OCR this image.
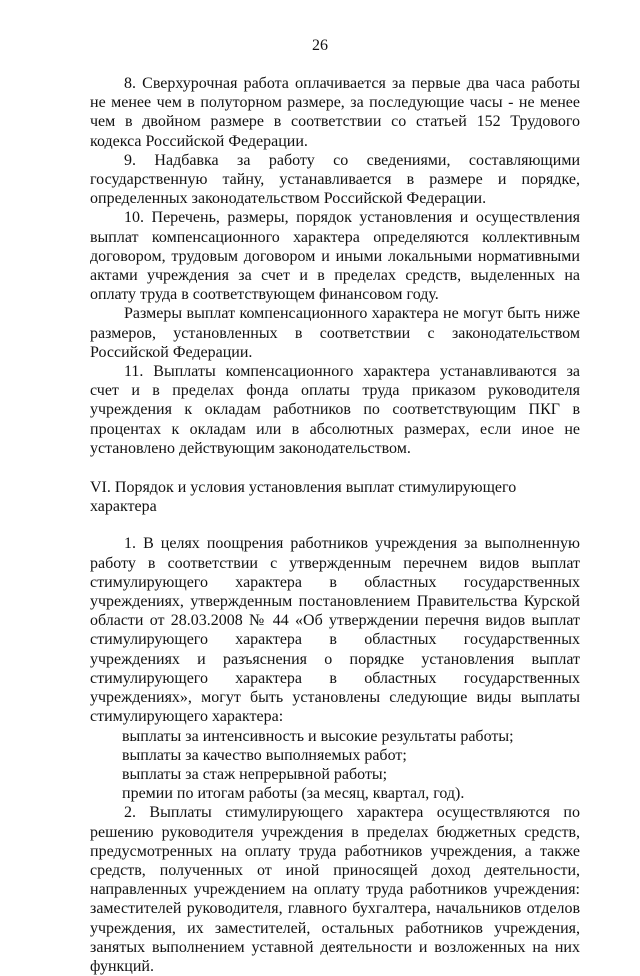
26

8. Сверхурочная работа оплачивается за первые два часа работы не менее чем в полуторном размере, за последующие часы - не менее чем в двойном размере в соответствии со статьей 152 Трудового кодекса Российской Федерации.

9. Надбавка за работу со сведениями, составляющими государственную тайну, устанавливается в размере и порядке, определенных законодательством Российской Федерации.

10. Перечень, размеры, порядок установления и осуществления выплат компенсационного характера определяются коллективным договором, трудовым договором и иными локальными нормативными актами учреждения за счет и в пределах средств, выделенных на оплату труда в соответствующем финансовом году.

Размеры выплат компенсационного характера не могут быть ниже размеров, установленных в соответствии с законодательством Российской Федерации.

11. Выплаты компенсационного характера устанавливаются за счет и в пределах фонда оплаты труда приказом руководителя учреждения к окладам работников по соответствующим ПКГ в процентах к окладам или в абсолютных размерах, если иное не установлено действующим законодательством.

VI. Порядок и условия установления выплат стимулирующего характера

1. В целях поощрения работников учреждения за выполненную работу в соответствии с утвержденным перечнем видов выплат стимулирующего характера в областных государственных учреждениях, утвержденным постановлением Правительства Курской области от 28.03.2008 № 44 «Об утверждении перечня видов выплат стимулирующего характера в областных государственных учреждениях и разъяснения о порядке установления выплат стимулирующего характера в областных государственных учреждениях», могут быть установлены следующие виды выплаты стимулирующего характера:

выплаты за интенсивность и высокие результаты работы;

выплаты за качество выполняемых работ;

выплаты за стаж непрерывной работы;

премии по итогам работы (за месяц, квартал, год).

2. Выплаты стимулирующего характера осуществляются по решению руководителя учреждения в пределах бюджетных средств, предусмотренных на оплату труда работников учреждения, а также средств, полученных от иной приносящей доход деятельности, направленных учреждением на оплату труда работников учреждения: заместителей руководителя, главного бухгалтера, начальников отделов учреждения, их заместителей, остальных работников учреждения, занятых выполнением уставной деятельности и возложенных на них функций.
